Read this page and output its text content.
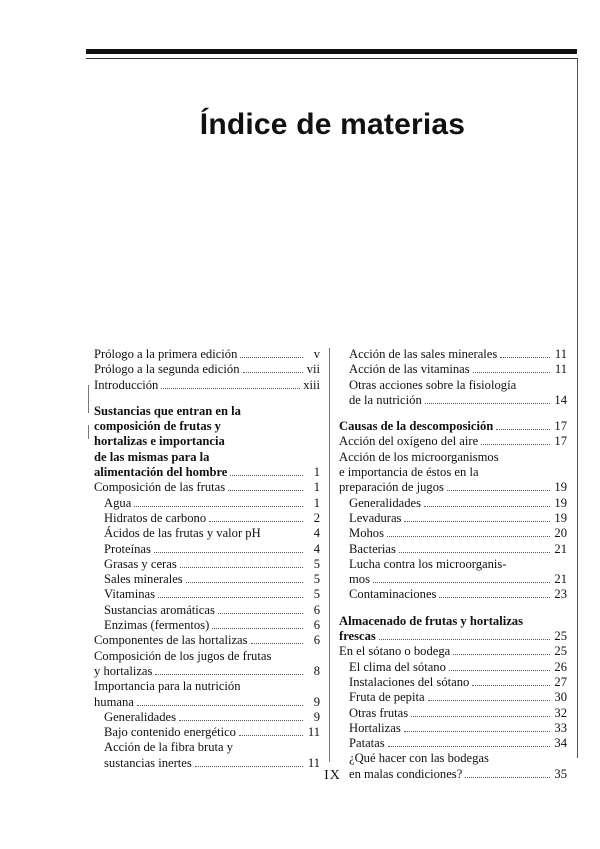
Índice de materias
Prólogo a la primera edición	v
Prólogo a la segunda edición	vii
Introducción	xiii
Sustancias que entran en la
composición de frutas y
hortalizas e importancia
de las mismas para la
alimentación del hombre	1
Composición de las frutas	1
Agua	1
Hidratos de carbono	2
Ácidos de las frutas y valor pH	4
Proteínas	4
Grasas y ceras	5
Sales minerales	5
Vitaminas	5
Sustancias aromáticas	6
Enzimas (fermentos)	6
Componentes de las hortalizas	6
Composición de los jugos de frutas
y hortalizas	8
Importancia para la nutrición
humana	9
Generalidades	9
Bajo contenido energético	11
Acción de la fibra bruta y
sustancias inertes	11
Acción de las sales minerales	11
Acción de las vitaminas	11
Otras acciones sobre la fisiología
de la nutrición	14
Causas de la descomposición	17
Acción del oxígeno del aire	17
Acción de los microorganismos
e importancia de éstos en la
preparación de jugos	19
Generalidades	19
Levaduras	19
Mohos	20
Bacterias	21
Lucha contra los microorganis-
mos	21
Contaminaciones	23
Almacenado de frutas y hortalizas
frescas	25
En el sótano o bodega	25
El clima del sótano	26
Instalaciones del sótano	27
Fruta de pepita	30
Otras frutas	32
Hortalizas	33
Patatas	34
¿Qué hacer con las bodegas
en malas condiciones?	35
IX
